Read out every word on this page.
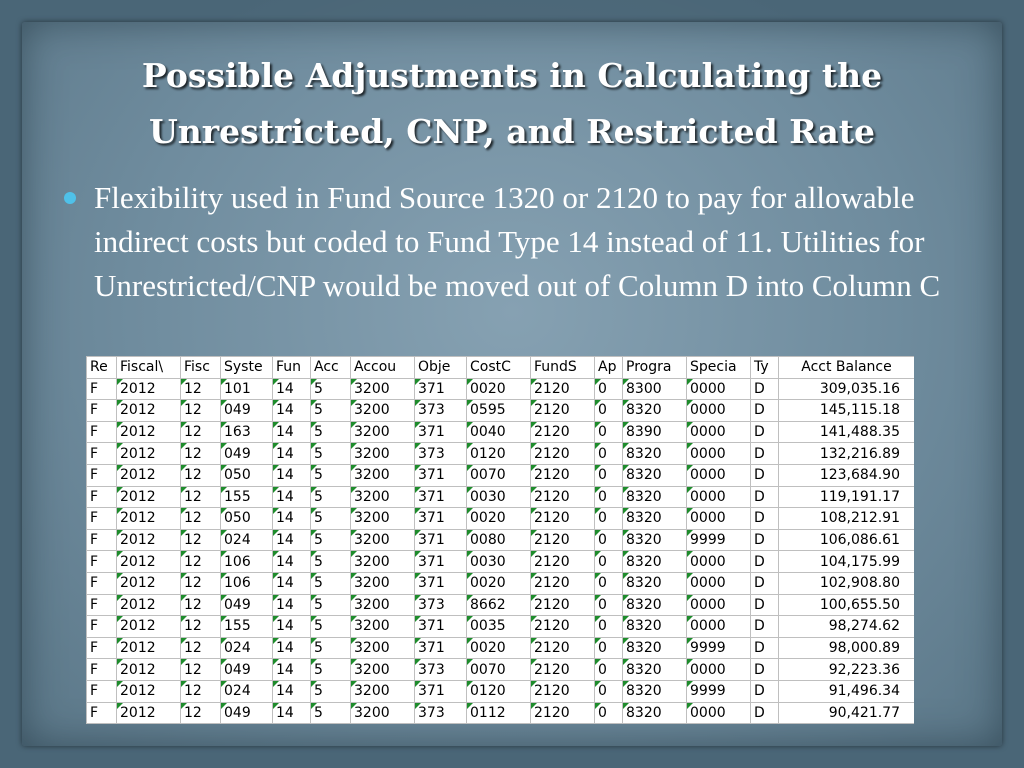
Possible Adjustments in Calculating the Unrestricted, CNP, and Restricted Rate
Flexibility used in Fund Source 1320 or 2120 to pay for allowable indirect costs but coded to Fund Type 14 instead of 11. Utilities for Unrestricted/CNP would be moved out of Column D into Column C
Re	Fiscal\	Fisc	Syste	Fun	Acc	Accou	Obje	CostC	FundS	Ap	Progra	Specia	Ty	Acct Balance
F	2012	12	101	14	5	3200	371	0020	2120	0	8300	0000	D	309,035.16
F	2012	12	049	14	5	3200	373	0595	2120	0	8320	0000	D	145,115.18
F	2012	12	163	14	5	3200	371	0040	2120	0	8390	0000	D	141,488.35
F	2012	12	049	14	5	3200	373	0120	2120	0	8320	0000	D	132,216.89
F	2012	12	050	14	5	3200	371	0070	2120	0	8320	0000	D	123,684.90
F	2012	12	155	14	5	3200	371	0030	2120	0	8320	0000	D	119,191.17
F	2012	12	050	14	5	3200	371	0020	2120	0	8320	0000	D	108,212.91
F	2012	12	024	14	5	3200	371	0080	2120	0	8320	9999	D	106,086.61
F	2012	12	106	14	5	3200	371	0030	2120	0	8320	0000	D	104,175.99
F	2012	12	106	14	5	3200	371	0020	2120	0	8320	0000	D	102,908.80
F	2012	12	049	14	5	3200	373	8662	2120	0	8320	0000	D	100,655.50
F	2012	12	155	14	5	3200	371	0035	2120	0	8320	0000	D	98,274.62
F	2012	12	024	14	5	3200	371	0020	2120	0	8320	9999	D	98,000.89
F	2012	12	049	14	5	3200	373	0070	2120	0	8320	0000	D	92,223.36
F	2012	12	024	14	5	3200	371	0120	2120	0	8320	9999	D	91,496.34
F	2012	12	049	14	5	3200	373	0112	2120	0	8320	0000	D	90,421.77
